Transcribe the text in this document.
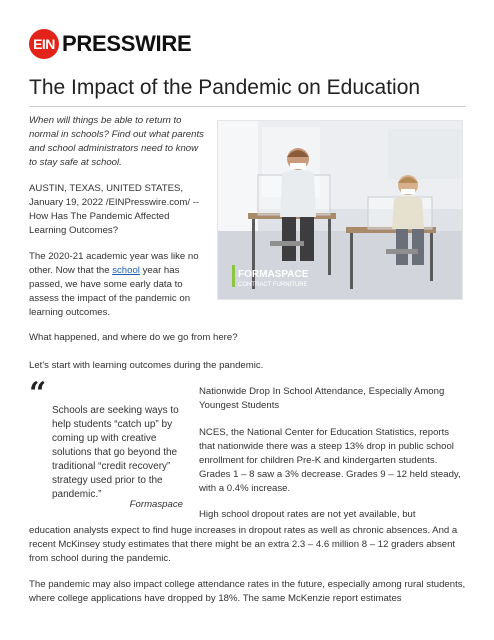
EIN PRESSWIRE
The Impact of the Pandemic on Education

When will things be able to return to normal in schools? Find out what parents and school administrators need to know to stay safe at school.

AUSTIN, TEXAS, UNITED STATES, January 19, 2022 /EINPresswire.com/ -- How Has The Pandemic Affected Learning Outcomes?

The 2020-21 academic year was like no other. Now that the school year has passed, we have some early data to assess the impact of the pandemic on learning outcomes.

FORMASPACE
CONTRACT FURNITURE

What happened, and where do we go from here?

Let's start with learning outcomes during the pandemic.

“ Schools are seeking ways to help students “catch up” by coming up with creative solutions that go beyond the traditional “credit recovery” strategy used prior to the pandemic.”

Formaspace

Nationwide Drop In School Attendance, Especially Among Youngest Students

NCES, the National Center for Education Statistics, reports that nationwide there was a steep 13% drop in public school enrollment for children Pre-K and kindergarten students. Grades 1 – 8 saw a 3% decrease. Grades 9 – 12 held steady, with a 0.4% increase.

High school dropout rates are not yet available, but

education analysts expect to find huge increases in dropout rates as well as chronic absences. And a recent McKinsey study estimates that there might be an extra 2.3 – 4.6 million 8 – 12 graders absent from school during the pandemic.

The pandemic may also impact college attendance rates in the future, especially among rural students, where college applications have dropped by 18%. The same McKenzie report estimates
